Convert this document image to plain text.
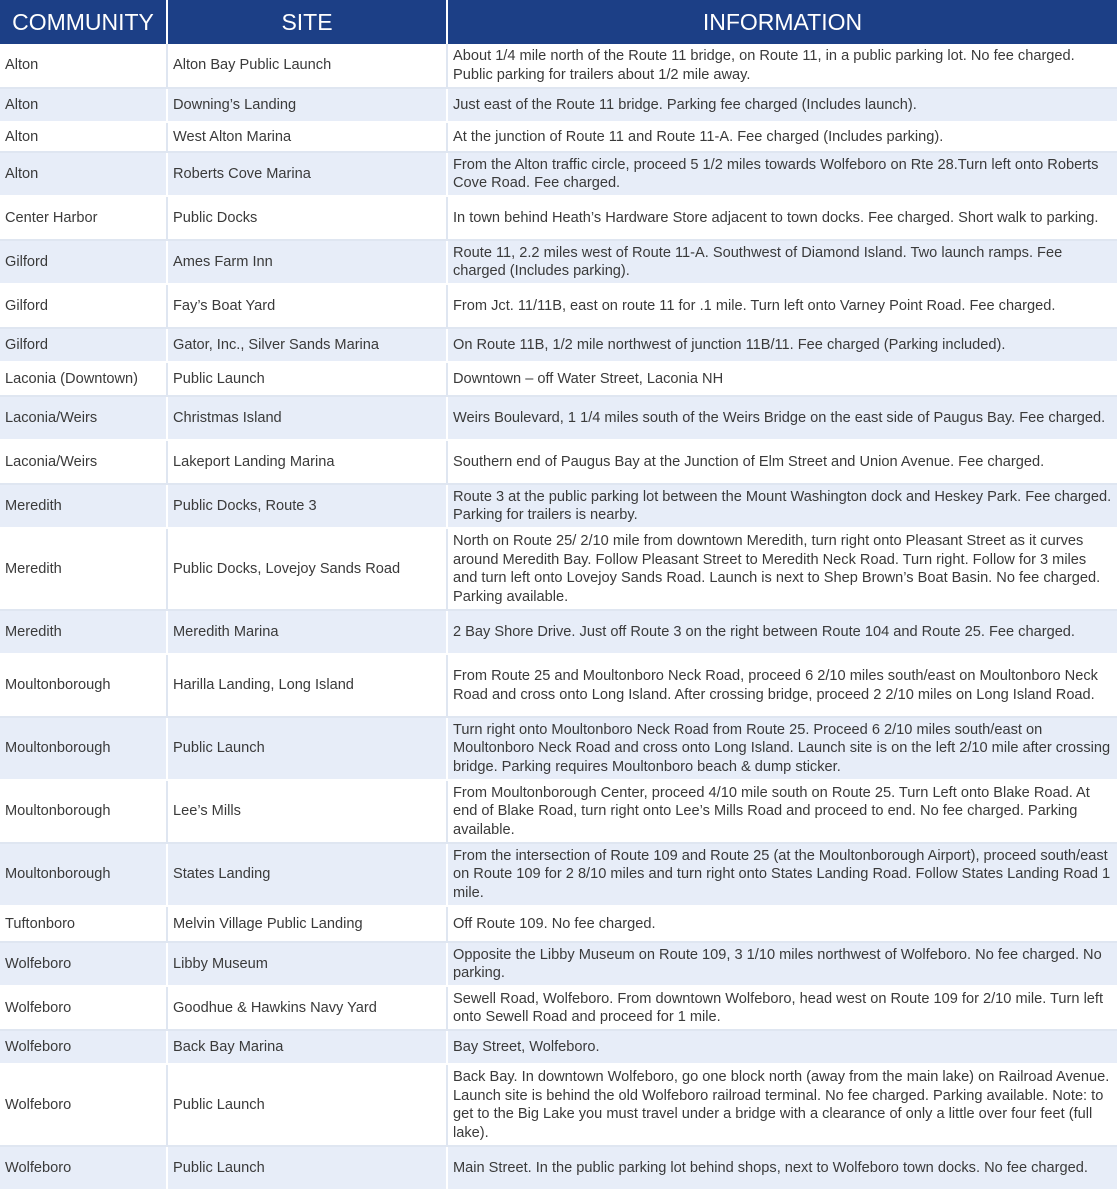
COMMUNITY	SITE	INFORMATION
Alton	Alton Bay Public Launch	About 1/4 mile north of the Route 11 bridge, on Route 11, in a public parking lot. No fee charged. Public parking for trailers about 1/2 mile away.
Alton	Downing’s Landing	Just east of the Route 11 bridge. Parking fee charged (Includes launch).
Alton	West Alton Marina	At the junction of Route 11 and Route 11-A. Fee charged (Includes parking).
Alton	Roberts Cove Marina	From the Alton traffic circle, proceed 5 1/2 miles towards Wolfeboro on Rte 28.Turn left onto Roberts Cove Road. Fee charged.
Center Harbor	Public Docks	In town behind Heath’s Hardware Store adjacent to town docks. Fee charged. Short walk to parking.
Gilford	Ames Farm Inn	Route 11, 2.2 miles west of Route 11-A. Southwest of Diamond Island. Two launch ramps. Fee charged (Includes parking).
Gilford	Fay’s Boat Yard	From Jct. 11/11B, east on route 11 for .1 mile. Turn left onto Varney Point Road. Fee charged.
Gilford	Gator, Inc., Silver Sands Marina	On Route 11B, 1/2 mile northwest of junction 11B/11. Fee charged (Parking included).
Laconia (Downtown)	Public Launch	Downtown – off Water Street, Laconia NH
Laconia/Weirs	Christmas Island	Weirs Boulevard, 1 1/4 miles south of the Weirs Bridge on the east side of Paugus Bay. Fee charged.
Laconia/Weirs	Lakeport Landing Marina	Southern end of Paugus Bay at the Junction of Elm Street and Union Avenue. Fee charged.
Meredith	Public Docks, Route 3	Route 3 at the public parking lot between the Mount Washington dock and Heskey Park. Fee charged. Parking for trailers is nearby.
Meredith	Public Docks, Lovejoy Sands Road	North on Route 25/ 2/10 mile from downtown Meredith, turn right onto Pleasant Street as it curves around Meredith Bay. Follow Pleasant Street to Meredith Neck Road. Turn right. Follow for 3 miles and turn left onto Lovejoy Sands Road. Launch is next to Shep Brown’s Boat Basin. No fee charged. Parking available.
Meredith	Meredith Marina	2 Bay Shore Drive. Just off Route 3 on the right between Route 104 and Route 25. Fee charged.
Moultonborough	Harilla Landing, Long Island	From Route 25 and Moultonboro Neck Road, proceed 6 2/10 miles south/east on Moultonboro Neck Road and cross onto Long Island. After crossing bridge, proceed 2 2/10 miles on Long Island Road.
Moultonborough	Public Launch	Turn right onto Moultonboro Neck Road from Route 25. Proceed 6 2/10 miles south/east on Moultonboro Neck Road and cross onto Long Island. Launch site is on the left 2/10 mile after crossing bridge. Parking requires Moultonboro beach & dump sticker.
Moultonborough	Lee’s Mills	From Moultonborough Center, proceed 4/10 mile south on Route 25. Turn Left onto Blake Road. At end of Blake Road, turn right onto Lee’s Mills Road and proceed to end. No fee charged. Parking available.
Moultonborough	States Landing	From the intersection of Route 109 and Route 25 (at the Moultonborough Airport), proceed south/east on Route 109 for 2 8/10 miles and turn right onto States Landing Road. Follow States Landing Road 1 mile.
Tuftonboro	Melvin Village Public Landing	Off Route 109. No fee charged.
Wolfeboro	Libby Museum	Opposite the Libby Museum on Route 109, 3 1/10 miles northwest of Wolfeboro. No fee charged. No parking.
Wolfeboro	Goodhue & Hawkins Navy Yard	Sewell Road, Wolfeboro. From downtown Wolfeboro, head west on Route 109 for 2/10 mile. Turn left onto Sewell Road and proceed for 1 mile.
Wolfeboro	Back Bay Marina	Bay Street, Wolfeboro.
Wolfeboro	Public Launch	Back Bay. In downtown Wolfeboro, go one block north (away from the main lake) on Railroad Avenue. Launch site is behind the old Wolfeboro railroad terminal. No fee charged. Parking available. Note: to get to the Big Lake you must travel under a bridge with a clearance of only a little over four feet (full lake).
Wolfeboro	Public Launch	Main Street. In the public parking lot behind shops, next to Wolfeboro town docks. No fee charged.
